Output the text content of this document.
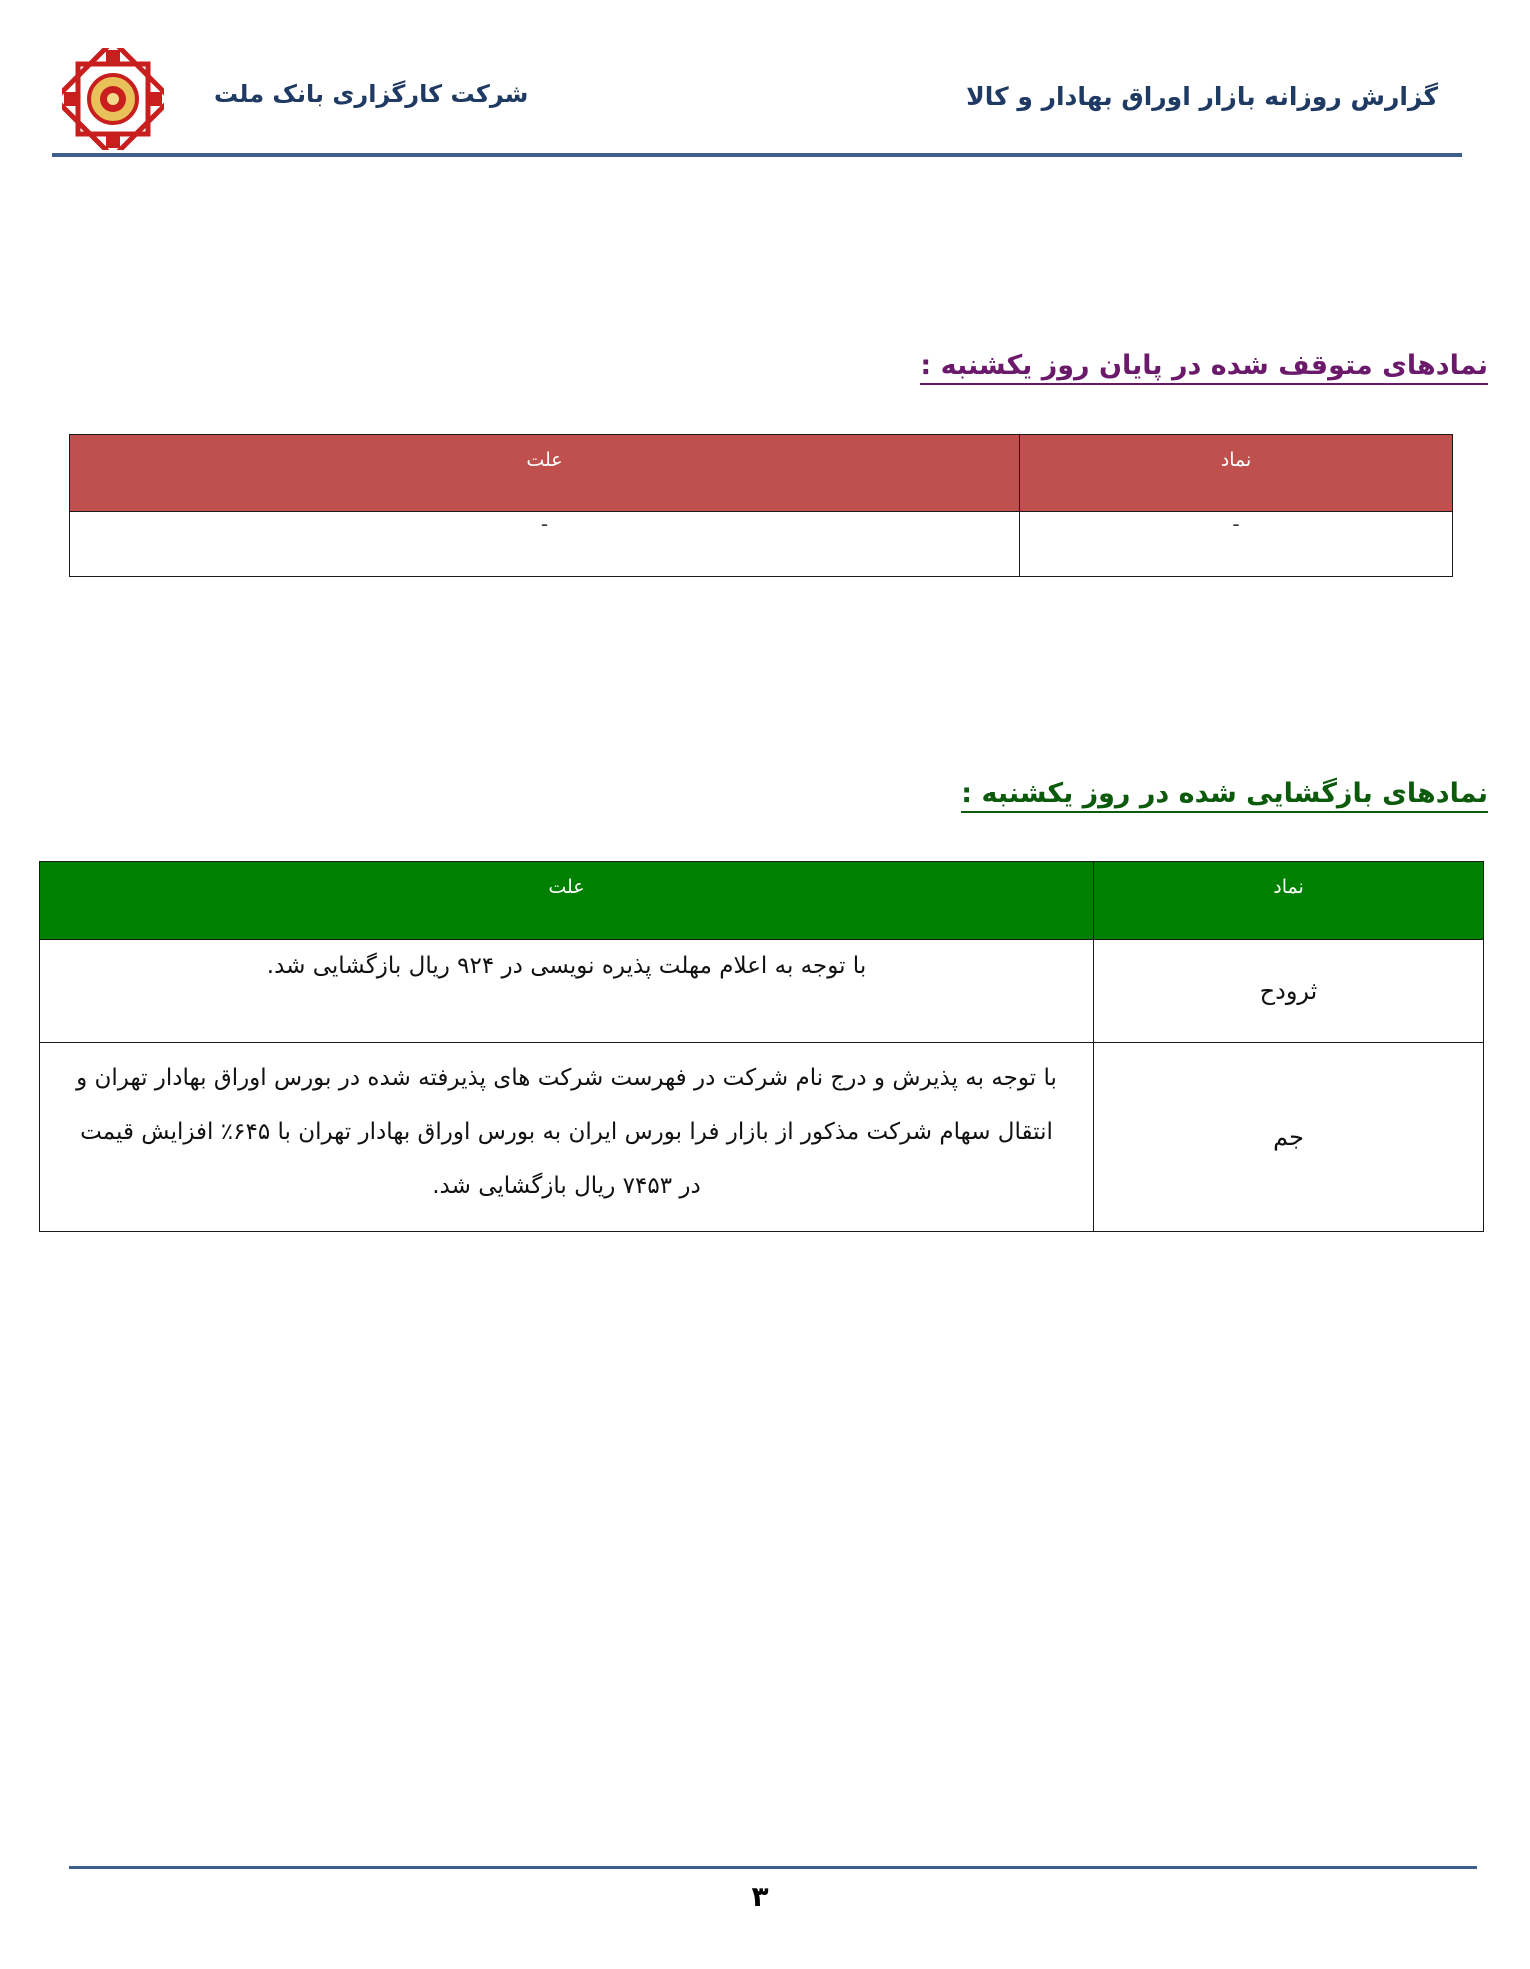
گزارش روزانه بازار اوراق بهادار و کالا
شرکت کارگزاری بانک ملت
نمادهای متوقف شده در پایان روز یکشنبه :
نماد	علت
-	-
نمادهای بازگشایی شده در روز یکشنبه :
نماد	علت
ثرودح	با توجه به اعلام مهلت پذیره نویسی در ۹۲۴ ریال بازگشایی شد.
جم	با توجه به پذیرش و درج نام شرکت در فهرست شرکت های پذیرفته شده در بورس اوراق بهادار تهران و انتقال سهام شرکت مذکور از بازار فرا بورس ایران به بورس اوراق بهادار تهران با ۶۴۵٪ افزایش قیمت در ۷۴۵۳ ریال بازگشایی شد.
۳
